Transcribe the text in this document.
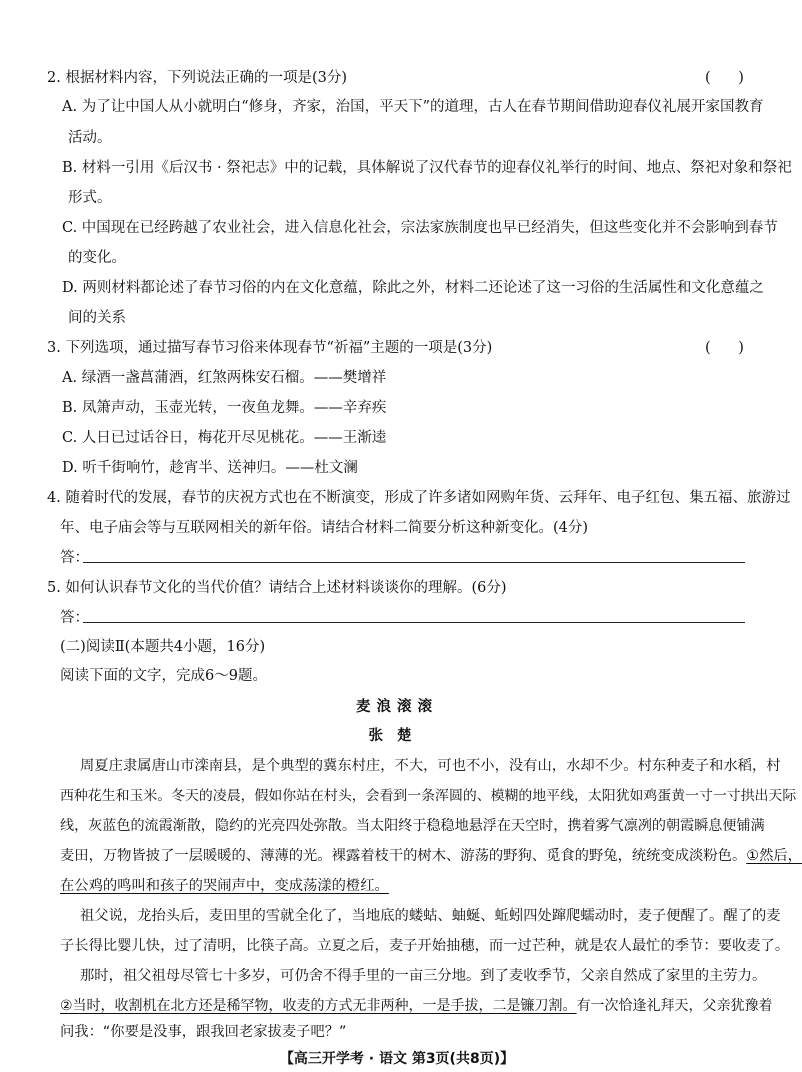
2. 根据材料内容，下列说法正确的一项是(3分)	(      )
A. 为了让中国人从小就明白“修身，齐家，治国，平天下”的道理，古人在春节期间借助迎春仪礼展开家国教育
活动。
B. 材料一引用《后汉书 · 祭祀志》中的记载，具体解说了汉代春节的迎春仪礼举行的时间、地点、祭祀对象和祭祀
形式。
C. 中国现在已经跨越了农业社会，进入信息化社会，宗法家族制度也早已经消失，但这些变化并不会影响到春节
的变化。
D. 两则材料都论述了春节习俗的内在文化意蕴，除此之外，材料二还论述了这一习俗的生活属性和文化意蕴之
间的关系
3. 下列选项，通过描写春节习俗来体现春节“祈福”主题的一项是(3分)	(      )
A. 绿酒一盏菖蒲酒，红煞两株安石榴。——樊增祥
B. 凤箫声动，玉壶光转，一夜鱼龙舞。——辛弃疾
C. 人日已过话谷日，梅花开尽见桃花。——王渐逵
D. 听千街响竹，趁宵半、送神归。——杜文澜
4. 随着时代的发展，春节的庆祝方式也在不断演变，形成了许多诸如网购年货、云拜年、电子红包、集五福、旅游过
年、电子庙会等与互联网相关的新年俗。请结合材料二简要分析这种新变化。(4分)
答：
5. 如何认识春节文化的当代价值？请结合上述材料谈谈你的理解。(6分)
答：
(二)阅读Ⅱ(本题共4小题，16分)
阅读下面的文字，完成6～9题。
麦浪滚滚
张楚
周夏庄隶属唐山市滦南县，是个典型的冀东村庄，不大，可也不小，没有山，水却不少。村东种麦子和水稻，村
西种花生和玉米。冬天的凌晨，假如你站在村头，会看到一条浑圆的、模糊的地平线，太阳犹如鸡蛋黄一寸一寸拱出天际
线，灰蓝色的流霞渐散，隐约的光亮四处弥散。当太阳终于稳稳地悬浮在天空时，携着雾气凛冽的朝霞瞬息便铺满
麦田，万物皆披了一层暖暖的、薄薄的光。裸露着枝干的树木、游荡的野狗、觅食的野兔，统统变成淡粉色。①然后，
在公鸡的鸣叫和孩子的哭闹声中，变成荡漾的橙红。
祖父说，龙抬头后，麦田里的雪就全化了，当地底的蝼蛄、蚰蜒、蚯蚓四处蹿爬蠕动时，麦子便醒了。醒了的麦
子长得比婴儿快，过了清明，比筷子高。立夏之后，麦子开始抽穗，而一过芒种，就是农人最忙的季节：要收麦了。
那时，祖父祖母尽管七十多岁，可仍舍不得手里的一亩三分地。到了麦收季节，父亲自然成了家里的主劳力。
②当时，收割机在北方还是稀罕物，收麦的方式无非两种，一是手拔，二是镰刀割。有一次恰逢礼拜天，父亲犹豫着
问我：“你要是没事，跟我回老家拔麦子吧？”
【高三开学考 · 语文 第3页(共8页)】
